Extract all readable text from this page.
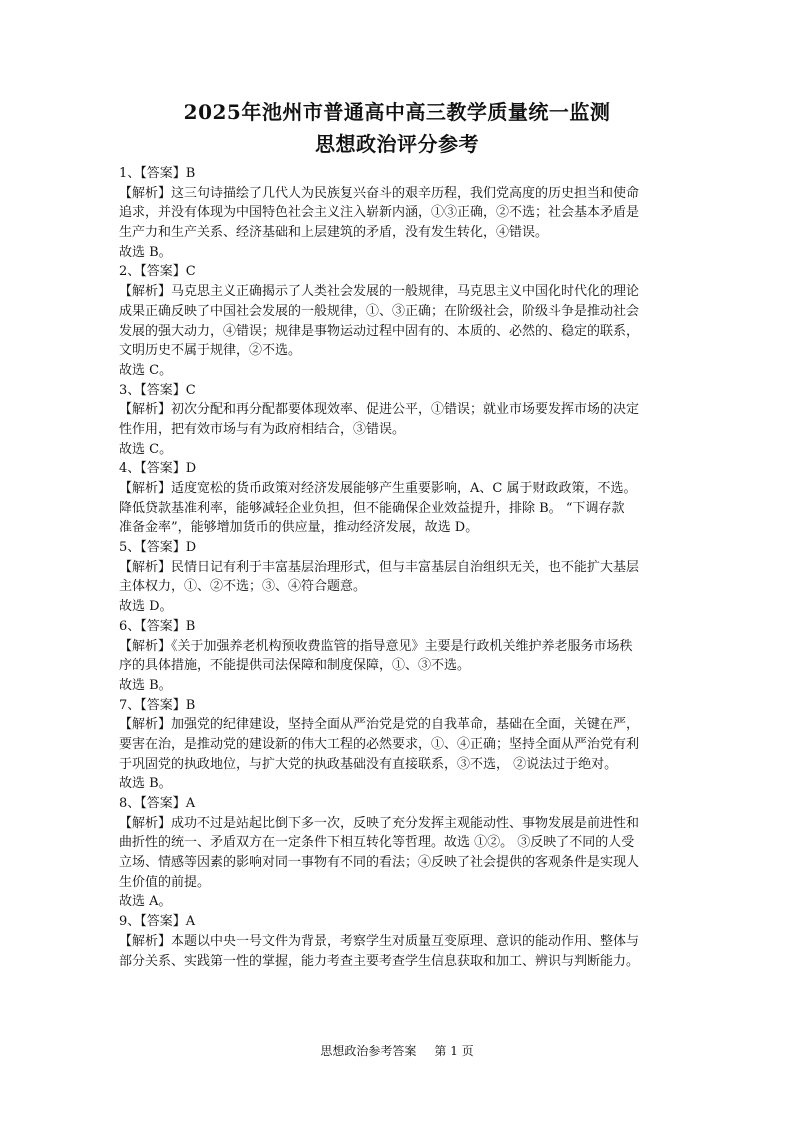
2025年池州市普通高中高三教学质量统一监测
思想政治评分参考
1、【答案】B
【解析】这三句诗描绘了几代人为民族复兴奋斗的艰辛历程，我们党高度的历史担当和使命
追求，并没有体现为中国特色社会主义注入崭新内涵，①③正确，②不选；社会基本矛盾是
生产力和生产关系、经济基础和上层建筑的矛盾，没有发生转化，④错误。
故选 B。
2、【答案】C
【解析】马克思主义正确揭示了人类社会发展的一般规律，马克思主义中国化时代化的理论
成果正确反映了中国社会发展的一般规律，①、③正确；在阶级社会，阶级斗争是推动社会
发展的强大动力，④错误；规律是事物运动过程中固有的、本质的、必然的、稳定的联系，
文明历史不属于规律，②不选。
故选 C。
3、【答案】C
【解析】初次分配和再分配都要体现效率、促进公平，①错误；就业市场要发挥市场的决定
性作用，把有效市场与有为政府相结合，③错误。
故选 C。
4、【答案】D
【解析】适度宽松的货币政策对经济发展能够产生重要影响，A、C 属于财政政策，不选。
降低贷款基准利率，能够减轻企业负担，但不能确保企业效益提升，排除 B。 “下调存款
准备金率”，能够增加货币的供应量，推动经济发展，故选 D。
5、【答案】D
【解析】民情日记有利于丰富基层治理形式，但与丰富基层自治组织无关，也不能扩大基层
主体权力，①、②不选；③、④符合题意。
故选 D。
6、【答案】B
【解析】《关于加强养老机构预收费监管的指导意见》主要是行政机关维护养老服务市场秩
序的具体措施，不能提供司法保障和制度保障，①、③不选。
故选 B。
7、【答案】B
【解析】加强党的纪律建设，坚持全面从严治党是党的自我革命，基础在全面，关键在严，
要害在治，是推动党的建设新的伟大工程的必然要求，①、④正确；坚持全面从严治党有利
于巩固党的执政地位，与扩大党的执政基础没有直接联系，③不选， ②说法过于绝对。
故选 B。
8、【答案】A
【解析】成功不过是站起比倒下多一次，反映了充分发挥主观能动性、事物发展是前进性和
曲折性的统一、矛盾双方在一定条件下相互转化等哲理。故选 ①②。 ③反映了不同的人受
立场、情感等因素的影响对同一事物有不同的看法；④反映了社会提供的客观条件是实现人
生价值的前提。
故选 A。
9、【答案】A
【解析】本题以中央一号文件为背景，考察学生对质量互变原理、意识的能动作用、整体与
部分关系、实践第一性的掌握，能力考查主要考查学生信息获取和加工、辨识与判断能力。
思想政治参考答案 第 1 页
